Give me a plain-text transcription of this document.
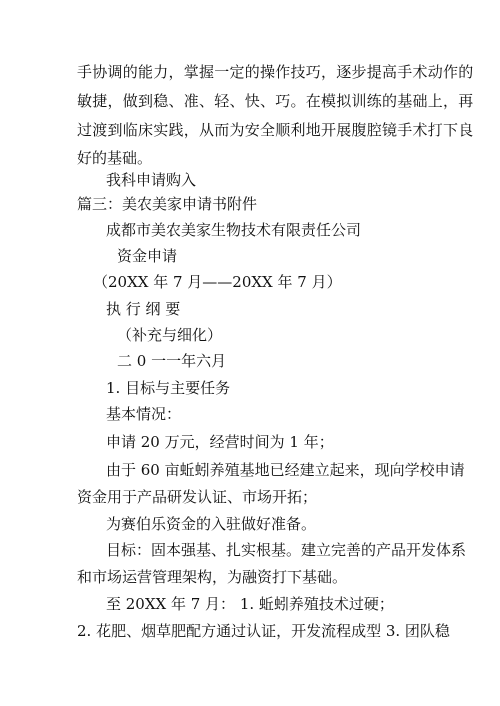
手协调的能力，掌握一定的操作技巧，逐步提高手术动作的
敏捷，做到稳、准、轻、快、巧。在模拟训练的基础上，再
过渡到临床实践，从而为安全顺利地开展腹腔镜手术打下良
好的基础。
我科申请购入
篇三：美农美家申请书附件
成都市美农美家生物技术有限责任公司
资金申请
（20XX 年 7 月——20XX 年 7 月）
执 行 纲 要
（补充与细化）
二 0 一一年六月
1. 目标与主要任务
基本情况：
申请 20 万元，经营时间为 1 年；
由于 60 亩蚯蚓养殖基地已经建立起来，现向学校申请
资金用于产品研发认证、市场开拓；
为赛伯乐资金的入驻做好准备。
目标：固本强基、扎实根基。建立完善的产品开发体系
和市场运营管理架构，为融资打下基础。
至 20XX 年 7 月： 1. 蚯蚓养殖技术过硬；
2. 花肥、烟草肥配方通过认证，开发流程成型 3. 团队稳
